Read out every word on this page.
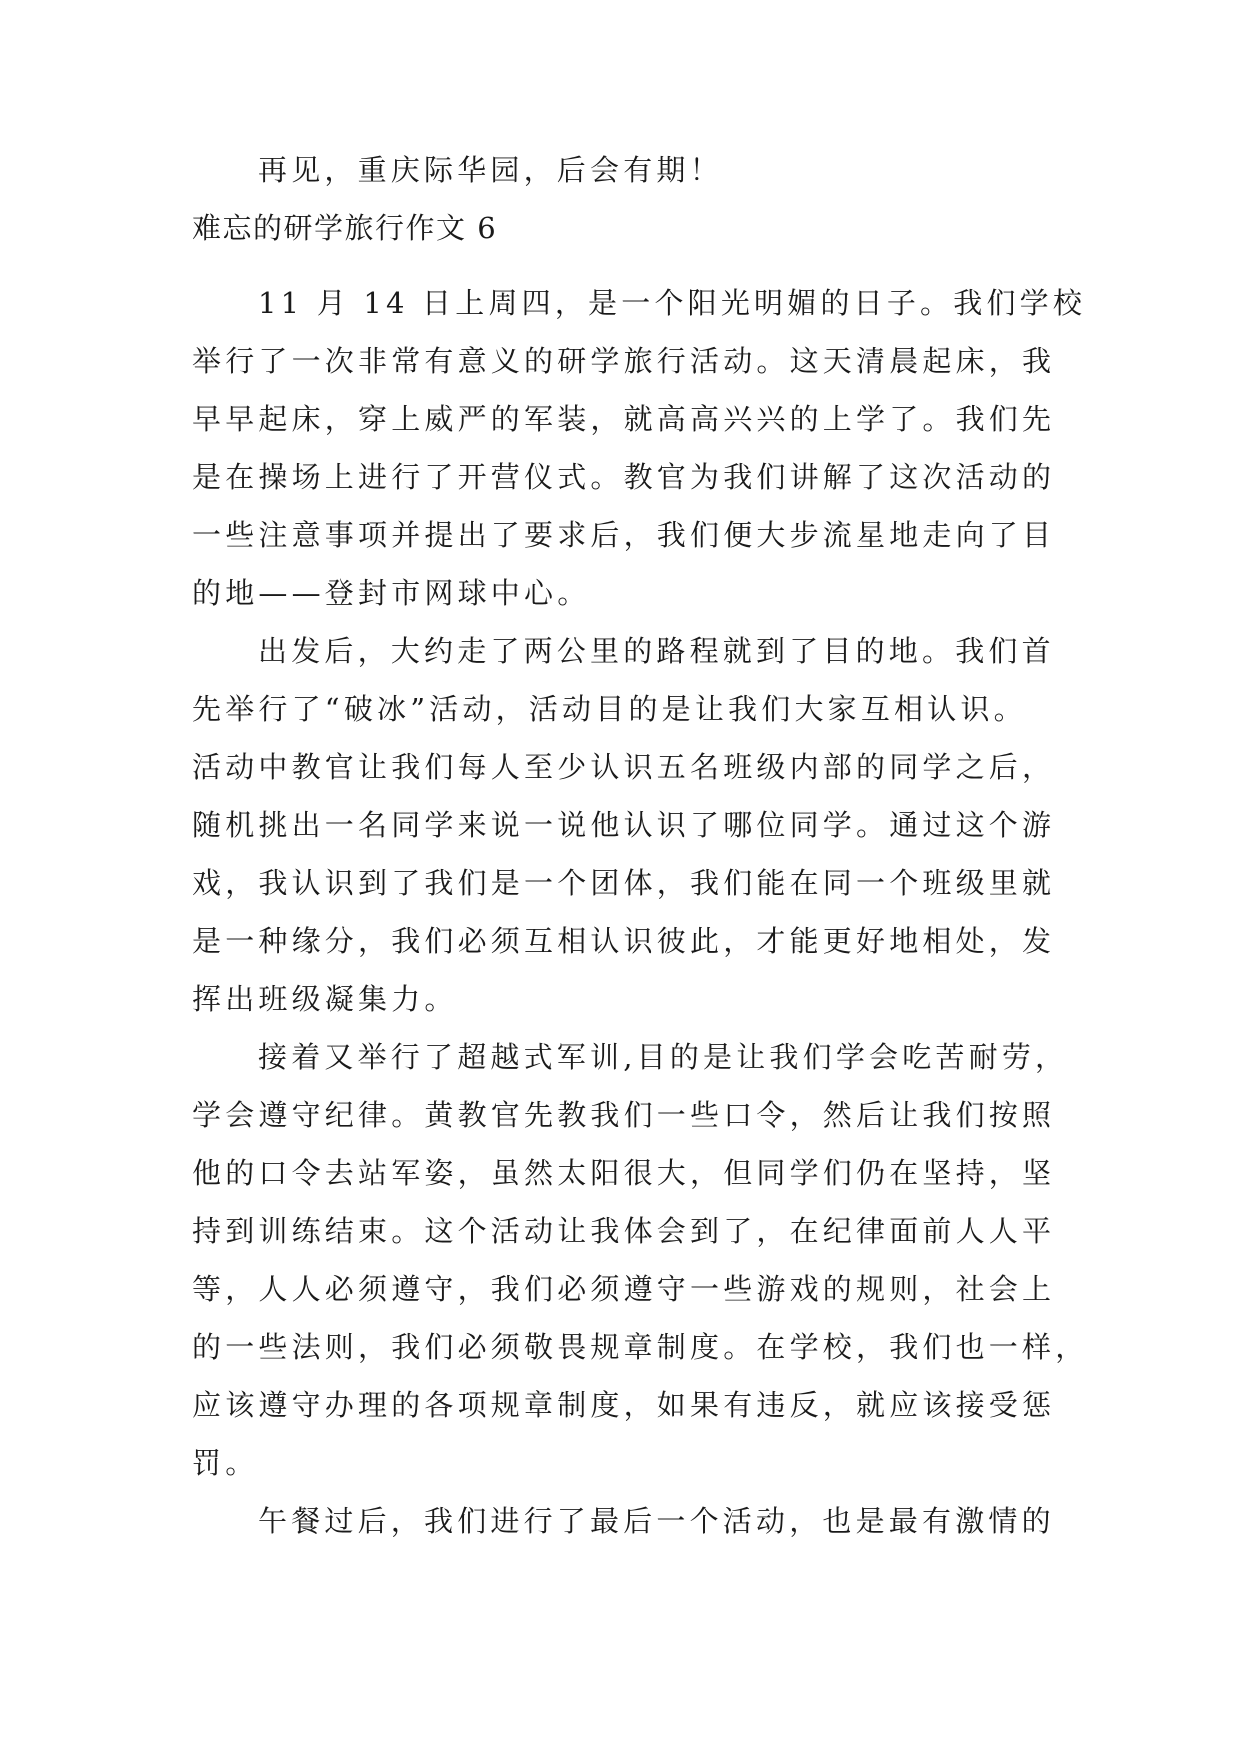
再见，重庆际华园，后会有期！
难忘的研学旅行作文 6
11 月 14 日上周四，是一个阳光明媚的日子。我们学校
举行了一次非常有意义的研学旅行活动。这天清晨起床，我
早早起床，穿上威严的军装，就高高兴兴的上学了。我们先
是在操场上进行了开营仪式。教官为我们讲解了这次活动的
一些注意事项并提出了要求后，我们便大步流星地走向了目
的地——登封市网球中心。
出发后，大约走了两公里的路程就到了目的地。我们首
先举行了“破冰”活动，活动目的是让我们大家互相认识。
活动中教官让我们每人至少认识五名班级内部的同学之后，
随机挑出一名同学来说一说他认识了哪位同学。通过这个游
戏，我认识到了我们是一个团体，我们能在同一个班级里就
是一种缘分，我们必须互相认识彼此，才能更好地相处，发
挥出班级凝集力。
接着又举行了超越式军训,目的是让我们学会吃苦耐劳，
学会遵守纪律。黄教官先教我们一些口令，然后让我们按照
他的口令去站军姿，虽然太阳很大，但同学们仍在坚持，坚
持到训练结束。这个活动让我体会到了，在纪律面前人人平
等，人人必须遵守，我们必须遵守一些游戏的规则，社会上
的一些法则，我们必须敬畏规章制度。在学校，我们也一样，
应该遵守办理的各项规章制度，如果有违反，就应该接受惩
罚。
午餐过后，我们进行了最后一个活动，也是最有激情的
